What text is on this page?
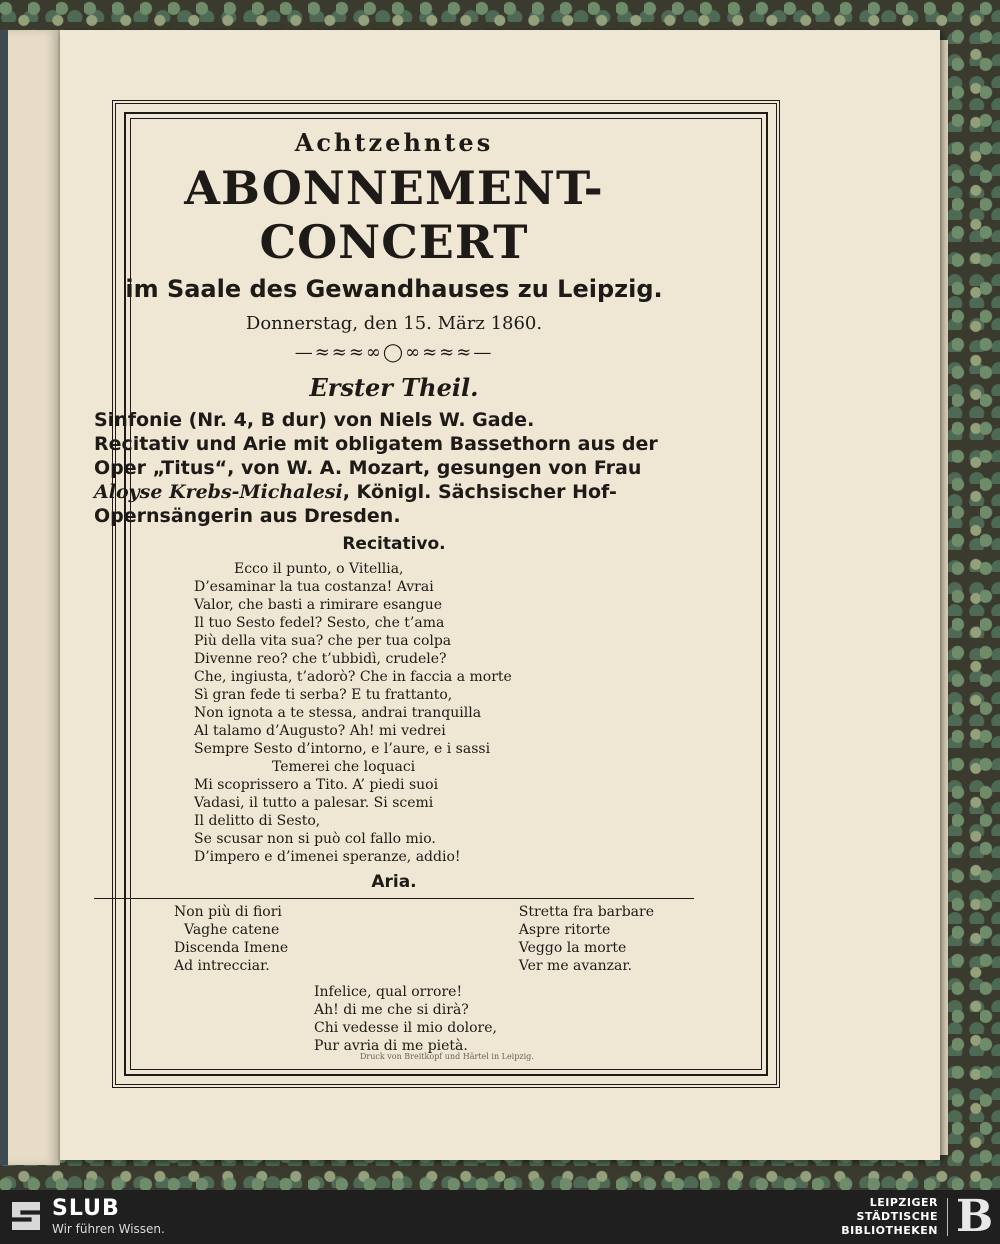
Druck von Breitkopf und Härtel in Leipzig.

Achtzehntes

ABONNEMENT-CONCERT

im Saale des Gewandhauses zu Leipzig.

Donnerstag, den 15. März 1860.

—≈≈≈∞◯∞≈≈≈—

Erster Theil.

Sinfonie (Nr. 4, B dur) von Niels W. Gade.

Recitativ und Arie mit obligatem Bassethorn aus der Oper „Titus“, von W. A. Mozart, gesungen von Frau Aloyse Krebs-Michalesi, Königl. Sächsischer Hof-Opernsängerin aus Dresden.

Recitativo.

Ecco il punto, o Vitellia,
D’esaminar la tua costanza! Avrai
Valor, che basti a rimirare esangue
Il tuo Sesto fedel? Sesto, che t’ama
Più della vita sua? che per tua colpa
Divenne reo? che t’ubbidì, crudele?
Che, ingiusta, t’adorò? Che in faccia a morte
Sì gran fede ti serba? E tu frattanto,
Non ignota a te stessa, andrai tranquilla
Al talamo d’Augusto? Ah! mi vedrei
Sempre Sesto d’intorno, e l’aure, e i sassi
Temerei che loquaci
Mi scoprissero a Tito. A’ piedi suoi
Vadasi, il tutto a palesar. Si scemi
Il delitto di Sesto,
Se scusar non si può col fallo mio.
D’impero e d’imenei speranze, addio!

Aria.

Non più di fiori
Vaghe catene
Discenda Imene
Ad intrecciar.
Stretta fra barbare
Aspre ritorte
Veggo la morte
Ver me avanzar.
Infelice, qual orrore!
Ah! di me che si dirà?
Chi vedesse il mio dolore,
Pur avria di me pietà.
SLUB
Wir führen Wissen.
LEIPZIGER
STÄDTISCHE
BIBLIOTHEKEN B
